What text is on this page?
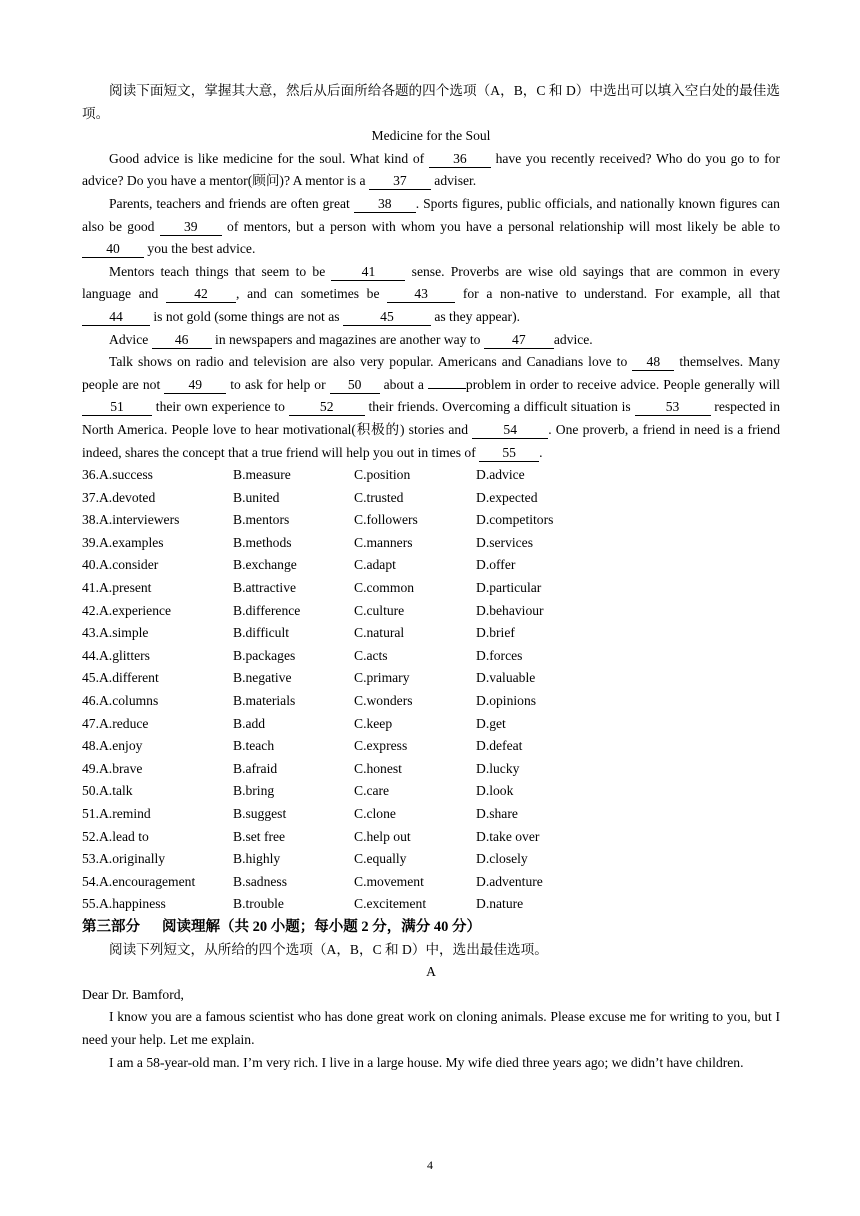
阅读下面短文，掌握其大意，然后从后面所给各题的四个选项（A，B，C 和 D）中选出可以填入空白处的最佳选项。

Medicine for the Soul

Good advice is like medicine for the soul. What kind of 36 have you recently received? Who do you go to for advice? Do you have a mentor(顾问)? A mentor is a 37 adviser.

Parents, teachers and friends are often great 38 . Sports figures, public officials, and nationally known figures can also be good 39 of mentors, but a person with whom you have a personal relationship will most likely be able to 40 you the best advice.

Mentors teach things that seem to be 41 sense. Proverbs are wise old sayings that are common in every language and 42 , and can sometimes be 43 for a non-native to understand. For example, all that 44 is not gold (some things are not as	45	as they appear).

Advice 46 in newspapers and magazines are another way to 47 advice.

Talk shows on radio and television are also very popular. Americans and Canadians love to 48 themselves. Many people are not 49 to ask for help or 50 about a	problem in order to receive advice. People generally will 51 their own experience to 52 their friends. Overcoming a difficult situation is 53 respected in North America. People love to hear motivational(积极的) stories and 54 . One proverb, a friend in need is a friend indeed, shares the concept that a true friend will help you out in times of 55 .

36.A.success	B.measure	C.position	D.advice
37.A.devoted	B.united	C.trusted	D.expected
38.A.interviewers	B.mentors	C.followers	D.competitors
39.A.examples	B.methods	C.manners	D.services
40.A.consider	B.exchange	C.adapt	D.offer
41.A.present	B.attractive	C.common	D.particular
42.A.experience	B.difference	C.culture	D.behaviour
43.A.simple	B.difficult	C.natural	D.brief
44.A.glitters	B.packages	C.acts	D.forces
45.A.different	B.negative	C.primary	D.valuable
46.A.columns	B.materials	C.wonders	D.opinions
47.A.reduce	B.add	C.keep	D.get
48.A.enjoy	B.teach	C.express	D.defeat
49.A.brave	B.afraid	C.honest	D.lucky
50.A.talk	B.bring	C.care	D.look
51.A.remind	B.suggest	C.clone	D.share
52.A.lead to	B.set free	C.help out	D.take over
53.A.originally	B.highly	C.equally	D.closely
54.A.encouragement	B.sadness	C.movement	D.adventure
55.A.happiness	B.trouble	C.excitement	D.nature

第三部分 阅读理解（共 20 小题；每小题 2 分，满分 40 分）

阅读下列短文，从所给的四个选项（A，B，C 和 D）中，选出最佳选项。

A

Dear Dr. Bamford,

I know you are a famous scientist who has done great work on cloning animals. Please excuse me for writing to you, but I need your help. Let me explain.

I am a 58-year-old man. I’m very rich. I live in a large house. My wife died three years ago; we didn’t have children.

4
